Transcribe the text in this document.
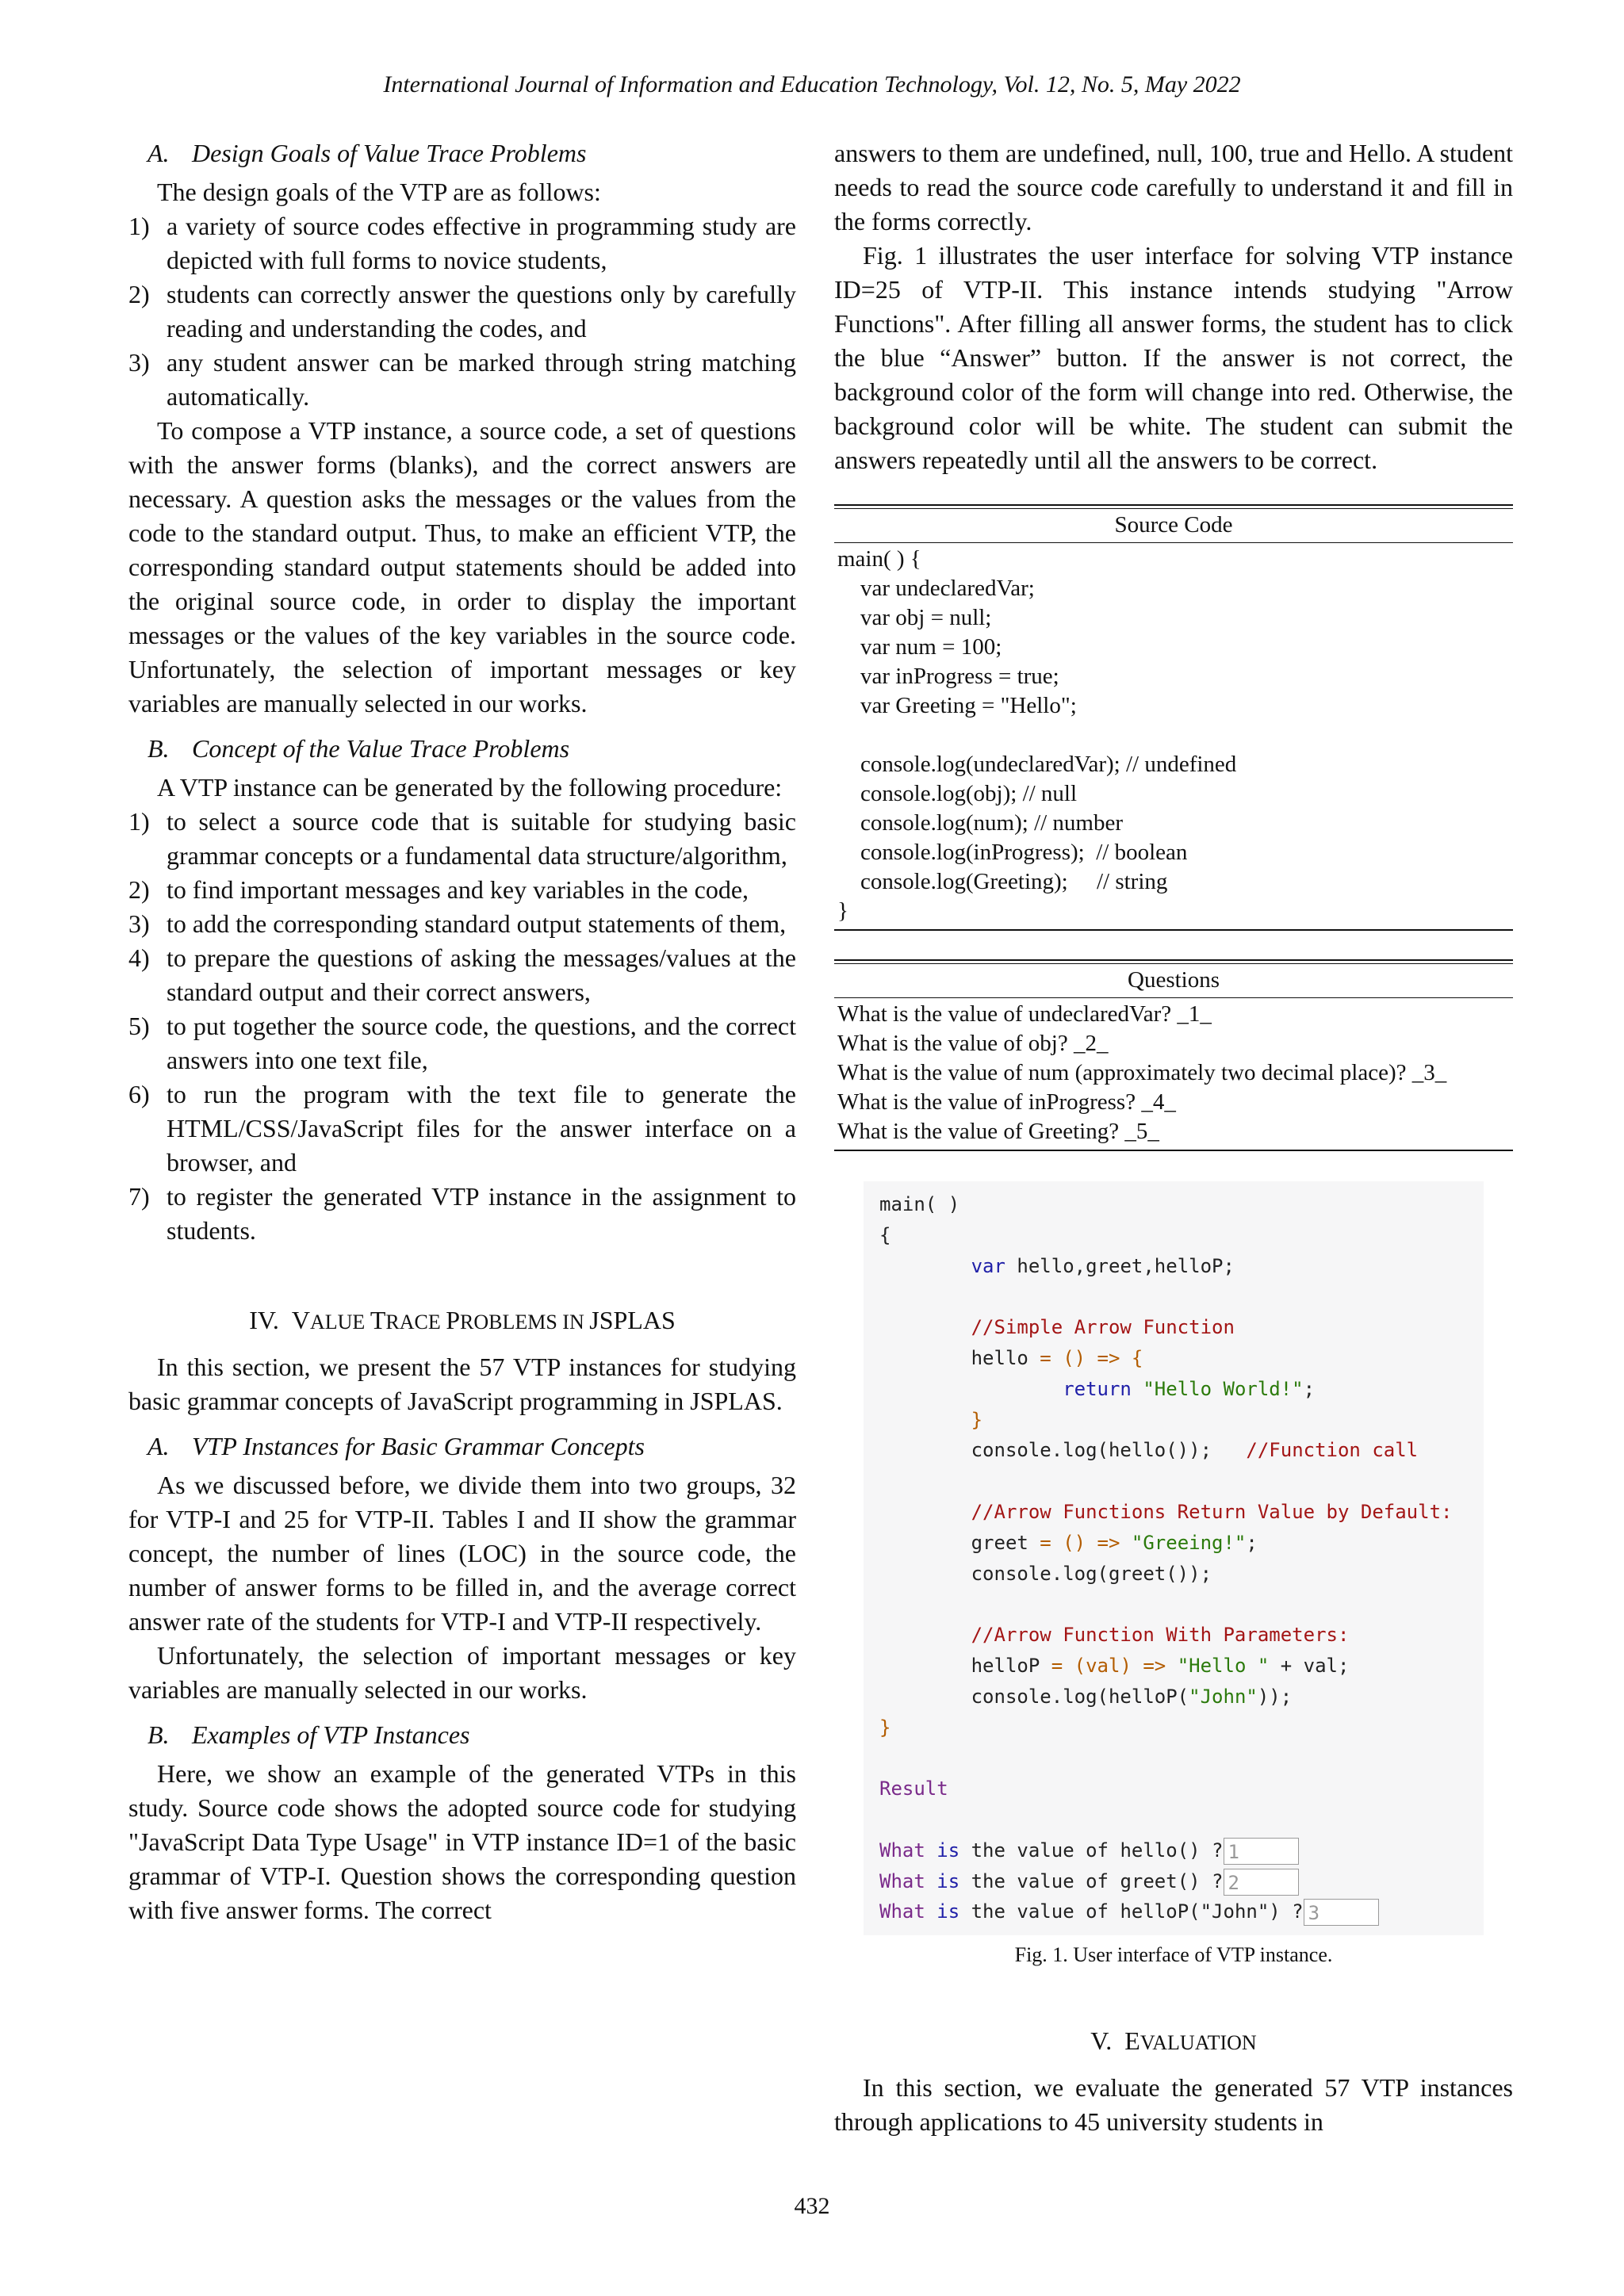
International Journal of Information and Education Technology, Vol. 12, No. 5, May 2022
A. Design Goals of Value Trace Problems

The design goals of the VTP are as follows:

1) a variety of source codes effective in programming study are depicted with full forms to novice students,
2) students can correctly answer the questions only by carefully reading and understanding the codes, and
3) any student answer can be marked through string matching automatically.

To compose a VTP instance, a source code, a set of questions with the answer forms (blanks), and the correct answers are necessary. A question asks the messages or the values from the code to the standard output. Thus, to make an efficient VTP, the corresponding standard output statements should be added into the original source code, in order to display the important messages or the values of the key variables in the source code. Unfortunately, the selection of important messages or key variables are manually selected in our works.

B. Concept of the Value Trace Problems

A VTP instance can be generated by the following procedure:

1) to select a source code that is suitable for studying basic grammar concepts or a fundamental data structure/algorithm,
2) to find important messages and key variables in the code,
3) to add the corresponding standard output statements of them,
4) to prepare the questions of asking the messages/values at the standard output and their correct answers,
5) to put together the source code, the questions, and the correct answers into one text file,
6) to run the program with the text file to generate the HTML/CSS/JavaScript files for the answer interface on a browser, and
7) to register the generated VTP instance in the assignment to students.
IV. VALUE TRACE PROBLEMS IN JSPLAS

In this section, we present the 57 VTP instances for studying basic grammar concepts of JavaScript programming in JSPLAS.

A. VTP Instances for Basic Grammar Concepts

As we discussed before, we divide them into two groups, 32 for VTP-I and 25 for VTP-II. Tables I and II show the grammar concept, the number of lines (LOC) in the source code, the number of answer forms to be filled in, and the average correct answer rate of the students for VTP-I and VTP-II respectively.

Unfortunately, the selection of important messages or key variables are manually selected in our works.

B. Examples of VTP Instances

Here, we show an example of the generated VTPs in this study. Source code shows the adopted source code for studying "JavaScript Data Type Usage" in VTP instance ID=1 of the basic grammar of VTP-I. Question shows the corresponding question with five answer forms. The correct

answers to them are undefined, null, 100, true and Hello. A student needs to read the source code carefully to understand it and fill in the forms correctly.

Fig. 1 illustrates the user interface for solving VTP instance ID=25 of VTP-II. This instance intends studying "Arrow Functions". After filling all answer forms, the student has to click the blue “Answer” button. If the answer is not correct, the background color of the form will change into red. Otherwise, the background color will be white. The student can submit the answers repeatedly until all the answers to be correct.

Source Code
main( ) {
var undeclaredVar;
var obj = null;
var num = 100;
var inProgress = true;
var Greeting = "Hello";
console.log(undeclaredVar); // undefined
console.log(obj); // null
console.log(num); // number
console.log(inProgress);  // boolean
console.log(Greeting);     // string
}
Questions
What is the value of undeclaredVar? _1_
What is the value of obj? _2_
What is the value of num (approximately two decimal place)? _3_
What is the value of inProgress? _4_
What is the value of Greeting? _5_
main( )
{
var hello,greet,helloP;
//Simple Arrow Function
hello = () => {
return "Hello World!";
}
console.log(hello()); //Function call
//Arrow Functions Return Value by Default:
greet = () => "Greeing!";
console.log(greet());
//Arrow Function With Parameters:
helloP = (val) => "Hello " + val;
console.log(helloP("John"));
}
Result
What is the value of hello() ? 1
What is the value of greet() ? 2
What is the value of helloP("John") ? 3
Fig. 1. User interface of VTP instance.
V. EVALUATION

In this section, we evaluate the generated 57 VTP instances through applications to 45 university students in

432
